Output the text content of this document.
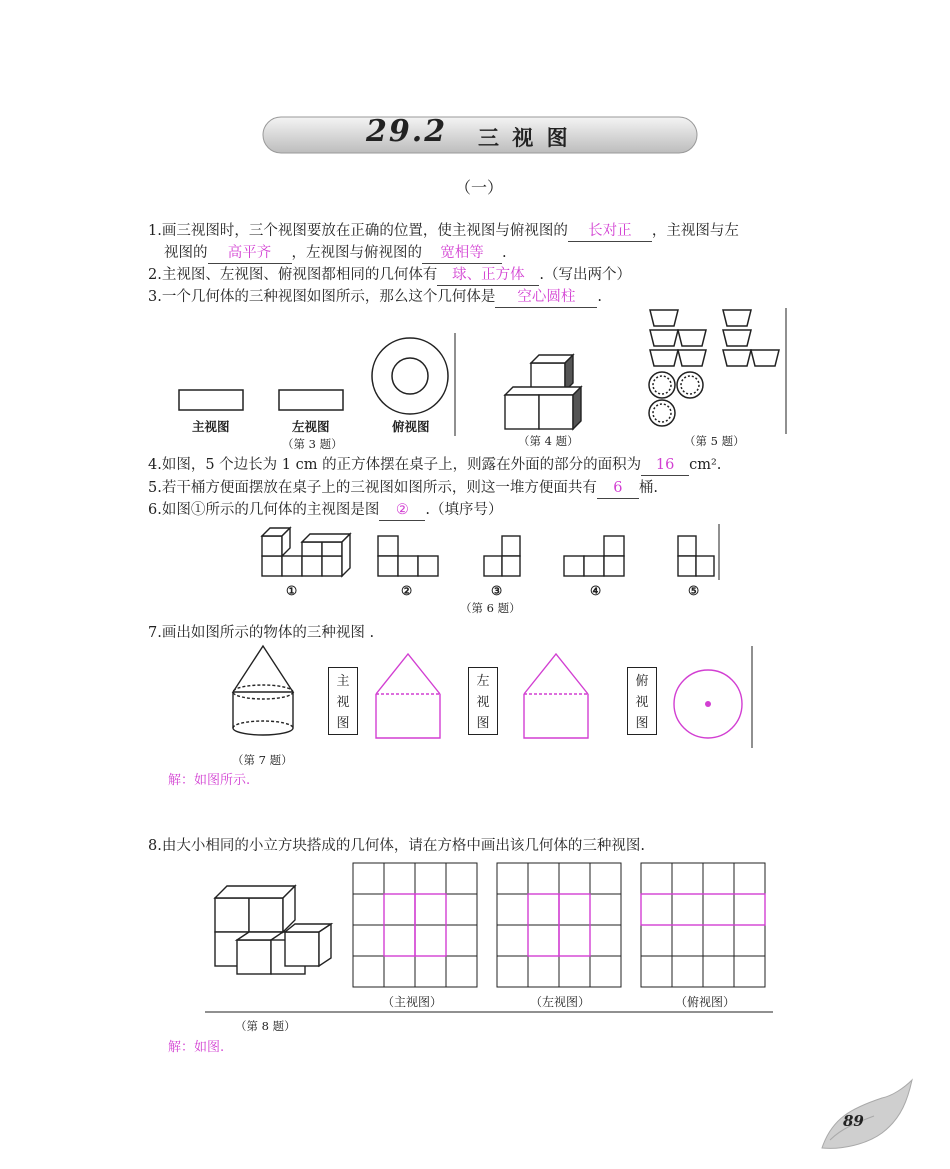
29.2 三 视 图
（一）
1.画三视图时，三个视图要放在正确的位置，使主视图与俯视图的 长对正 ，主视图与左
视图的 高平齐 ，左视图与俯视图的 宽相等 .
2.主视图、左视图、俯视图都相同的几何体有 球、正方体 .（写出两个）
3.一个几何体的三种视图如图所示，那么这个几何体是 空心圆柱 .
主视图	左视图	俯视图
（第 3 题）	（第 4 题）	（第 5 题）
4.如图，5 个边长为 1 cm 的正方体摆在桌子上，则露在外面的部分的面积为 16 cm².
5.若干桶方便面摆放在桌子上的三视图如图所示，则这一堆方便面共有 6 桶.
6.如图①所示的几何体的主视图是图 ② .（填序号）
①	②	③	④	⑤
（第 6 题）
7.画出如图所示的物体的三种视图 .
主
视
图
左
视
图
俯
视
图
（第 7 题）
解：如图所示.
8.由大小相同的小立方块搭成的几何体，请在方格中画出该几何体的三种视图.
（主视图）	（左视图）	（俯视图）
（第 8 题）
解：如图.
89
